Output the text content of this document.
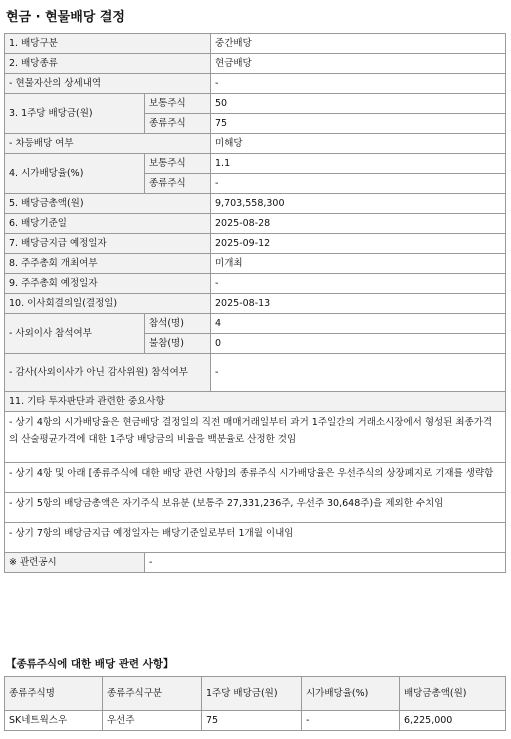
현금 · 현물배당 결정
1. 배당구분		중간배당
2. 배당종류		현금배당
- 현물자산의 상세내역		-
3. 1주당 배당금(원)	보통주식	50
	종류주식	75
- 차등배당 여부		미해당
4. 시가배당율(%)	보통주식	1.1
	종류주식	-
5. 배당금총액(원)		9,703,558,300
6. 배당기준일		2025-08-28
7. 배당금지급 예정일자		2025-09-12
8. 주주총회 개최여부		미개최
9. 주주총회 예정일자		-
10. 이사회결의일(결정일)		2025-08-13
- 사외이사 참석여부	참석(명)	4
	불참(명)	0
- 감사(사외이사가 아닌 감사위원) 참석여부		-
11. 기타 투자판단과 관련한 중요사항		
- 상기 4항의 시가배당율은 현금배당 결정일의 직전 매매거래일부터 과거 1주일간의 거래소시장에서 형성된 최종가격의 산술평균가격에 대한 1주당 배당금의 비율을 백분율로 산정한 것임		
- 상기 4항 및 아래 [종류주식에 대한 배당 관련 사항]의 종류주식 시가배당율은 우선주식의 상장폐지로 기재를 생략함		
- 상기 5항의 배당금총액은 자기주식 보유분 (보통주 27,331,236주, 우선주 30,648주)을 제외한 수치임		
- 상기 7항의 배당금지급 예정일자는 배당기준일로부터 1개월 이내임		
※ 관련공시	-	
【종류주식에 대한 배당 관련 사항】
종류주식명	종류주식구분	1주당 배당금(원)	시가배당율(%)	배당금총액(원)
SK네트웍스우	우선주	75	-	6,225,000
